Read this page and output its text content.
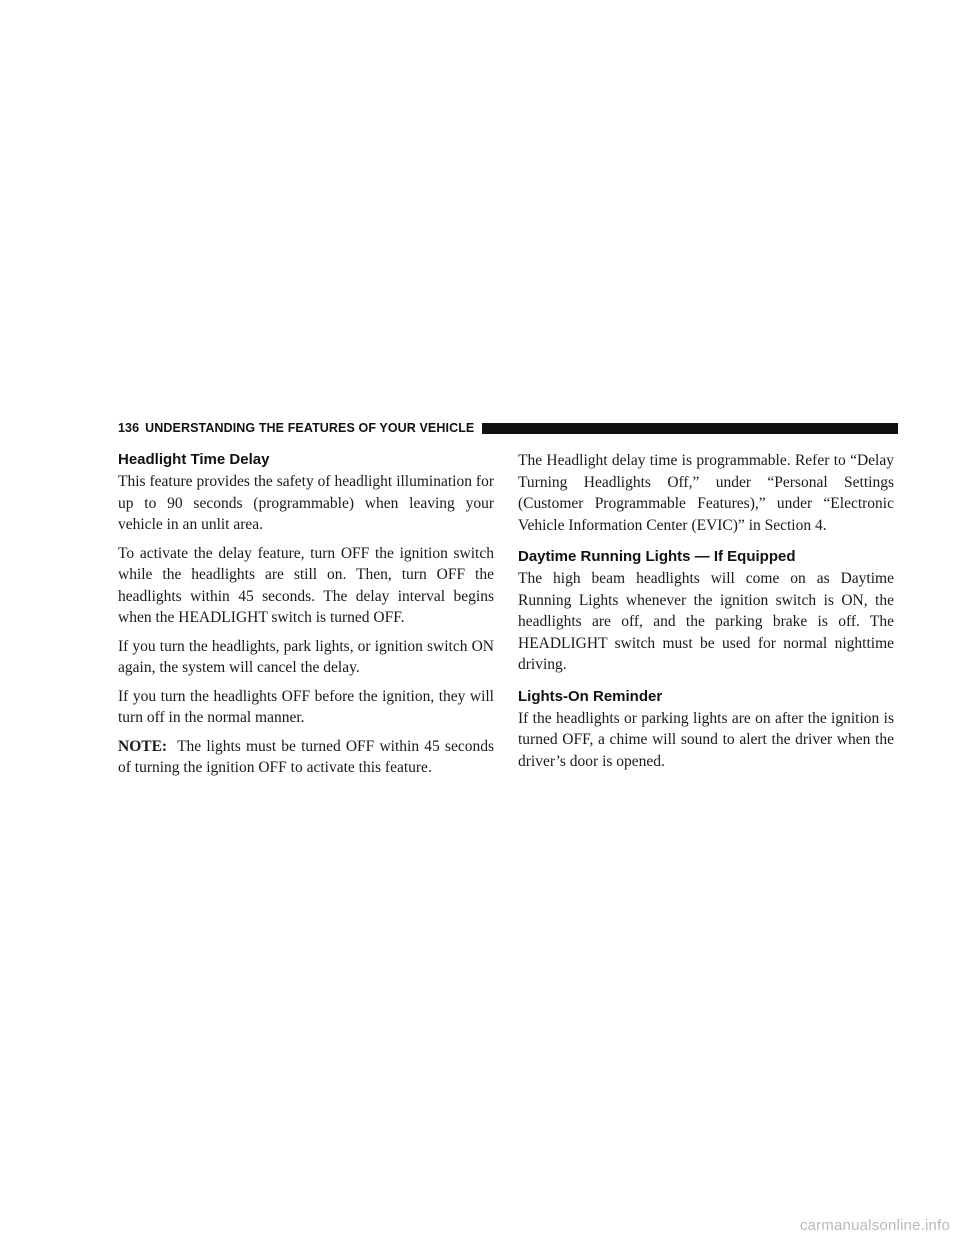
136 UNDERSTANDING THE FEATURES OF YOUR VEHICLE
Headlight Time Delay

This feature provides the safety of headlight illumination for up to 90 seconds (programmable) when leaving your vehicle in an unlit area.

To activate the delay feature, turn OFF the ignition switch while the headlights are still on. Then, turn OFF the headlights within 45 seconds. The delay interval begins when the HEADLIGHT switch is turned OFF.

If you turn the headlights, park lights, or ignition switch ON again, the system will cancel the delay.

If you turn the headlights OFF before the ignition, they will turn off in the normal manner.

NOTE: The lights must be turned OFF within 45 seconds of turning the ignition OFF to activate this feature.

The Headlight delay time is programmable. Refer to “Delay Turning Headlights Off,” under “Personal Settings (Customer Programmable Features),” under “Electronic Vehicle Information Center (EVIC)” in Section 4.

Daytime Running Lights — If Equipped

The high beam headlights will come on as Daytime Running Lights whenever the ignition switch is ON, the headlights are off, and the parking brake is off. The HEADLIGHT switch must be used for normal nighttime driving.

Lights-On Reminder

If the headlights or parking lights are on after the ignition is turned OFF, a chime will sound to alert the driver when the driver’s door is opened.

carmanualsonline.info
